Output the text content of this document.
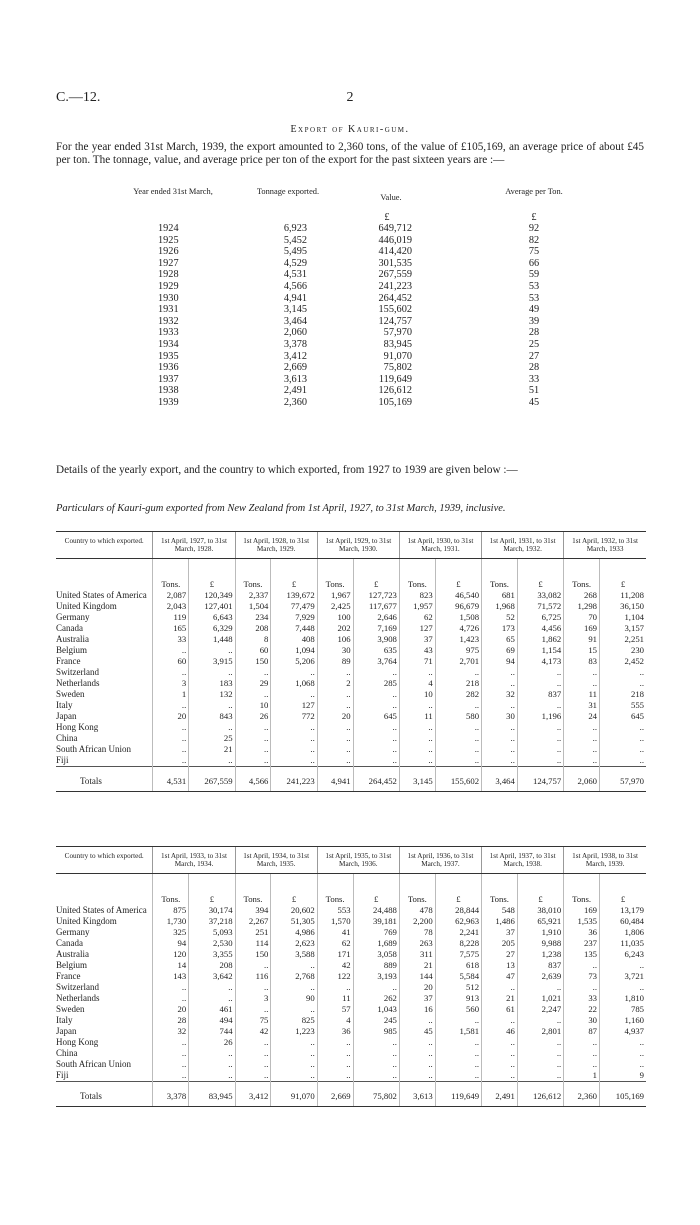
C.—12.	2
Export of Kauri-gum.
For the year ended 31st March, 1939, the export amounted to 2,360 tons, of the value of £105,169, an average price of about £45 per ton. The tonnage, value, and average price per ton of the export for the past sixteen years are :—
Year ended 31st March,	Tonnage exported.
Value.
Average per Ton.
£	£
1924	6,923	649,712	92
1925	5,452	446,019	82
1926	5,495	414,420	75
1927	4,529	301,535	66
1928	4,531	267,559	59
1929	4,566	241,223	53
1930	4,941	264,452	53
1931	3,145	155,602	49
1932	3,464	124,757	39
1933	2,060	57,970	28
1934	3,378	83,945	25
1935	3,412	91,070	27
1936	2,669	75,802	28
1937	3,613	119,649	33
1938	2,491	126,612	51
1939	2,360	105,169	45
Details of the yearly export, and the country to which exported, from 1927 to 1939 are given below :—
Particulars of Kauri-gum exported from New Zealand from 1st April, 1927, to 31st March, 1939, inclusive.
Country to which exported.	1st April, 1927, to 31st March, 1928.		1st April, 1928, to 31st March, 1929.		1st April, 1929, to 31st March, 1930.		1st April, 1930, to 31st March, 1931.		1st April, 1931, to 31st March, 1932.		1st April, 1932, to 31st March, 1933	
	Tons.	£	Tons.	£	Tons.	£	Tons.	£	Tons.	£	Tons.	£
United States of America	2,087	120,349	2,337	139,672	1,967	127,723	823	46,540	681	33,082	268	11,208
United Kingdom	2,043	127,401	1,504	77,479	2,425	117,677	1,957	96,679	1,968	71,572	1,298	36,150
Germany	119	6,643	234	7,929	100	2,646	62	1,508	52	6,725	70	1,104
Canada	165	6,329	208	7,448	202	7,169	127	4,726	173	4,456	169	3,157
Australia	33	1,448	8	408	106	3,908	37	1,423	65	1,862	91	2,251
Belgium	..	..	60	1,094	30	635	43	975	69	1,154	15	230
France	60	3,915	150	5,206	89	3,764	71	2,701	94	4,173	83	2,452
Switzerland	..	..	..	..	..	..	..	..	..	..	..	..
Netherlands	3	183	29	1,068	2	285	4	218	..	..	..	..
Sweden	1	132	..	..	..	..	10	282	32	837	11	218
Italy	..	..	10	127	..	..	..	..	..	..	31	555
Japan	20	843	26	772	20	645	11	580	30	1,196	24	645
Hong Kong	..	..	..	..	..	..	..	..	..	..	..	..
China	..	25	..	..	..	..	..	..	..	..	..	..
South African Union	..	21	..	..	..	..	..	..	..	..	..	..
Fiji	..	..	..	..	..	..	..	..	..	..	..	..
Totals	4,531	267,559	4,566	241,223	4,941	264,452	3,145	155,602	3,464	124,757	2,060	57,970
Country to which exported.	1st April, 1933, to 31st March, 1934.		1st April, 1934, to 31st March, 1935.		1st April, 1935, to 31st March, 1936.		1st April, 1936, to 31st March, 1937.		1st April, 1937, to 31st March, 1938.		1st April, 1938, to 31st March, 1939.	
	Tons.	£	Tons.	£	Tons.	£	Tons.	£	Tons.	£	Tons.	£
United States of America	875	30,174	394	20,602	553	24,488	478	28,844	548	38,010	169	13,179
United Kingdom	1,730	37,218	2,267	51,305	1,570	39,181	2,200	62,963	1,486	65,921	1,535	60,484
Germany	325	5,093	251	4,986	41	769	78	2,241	37	1,910	36	1,806
Canada	94	2,530	114	2,623	62	1,689	263	8,228	205	9,988	237	11,035
Australia	120	3,355	150	3,588	171	3,058	311	7,575	27	1,238	135	6,243
Belgium	14	208	..	..	42	889	21	618	13	837	..	..
France	143	3,642	116	2,768	122	3,193	144	5,584	47	2,639	73	3,721
Switzerland	..	..	..	..	..	..	20	512	..	..	..	..
Netherlands	..	..	3	90	11	262	37	913	21	1,021	33	1,810
Sweden	20	461	..	..	57	1,043	16	560	61	2,247	22	785
Italy	28	494	75	825	4	245	..	..	..	..	30	1,160
Japan	32	744	42	1,223	36	985	45	1,581	46	2,801	87	4,937
Hong Kong	..	26	..	..	..	..	..	..	..	..	..	..
China	..	..	..	..	..	..	..	..	..	..	..	..
South African Union	..	..	..	..	..	..	..	..	..	..	..	..
Fiji	..	..	..	..	..	..	..	..	..	..	1	9
Totals	3,378	83,945	3,412	91,070	2,669	75,802	3,613	119,649	2,491	126,612	2,360	105,169
